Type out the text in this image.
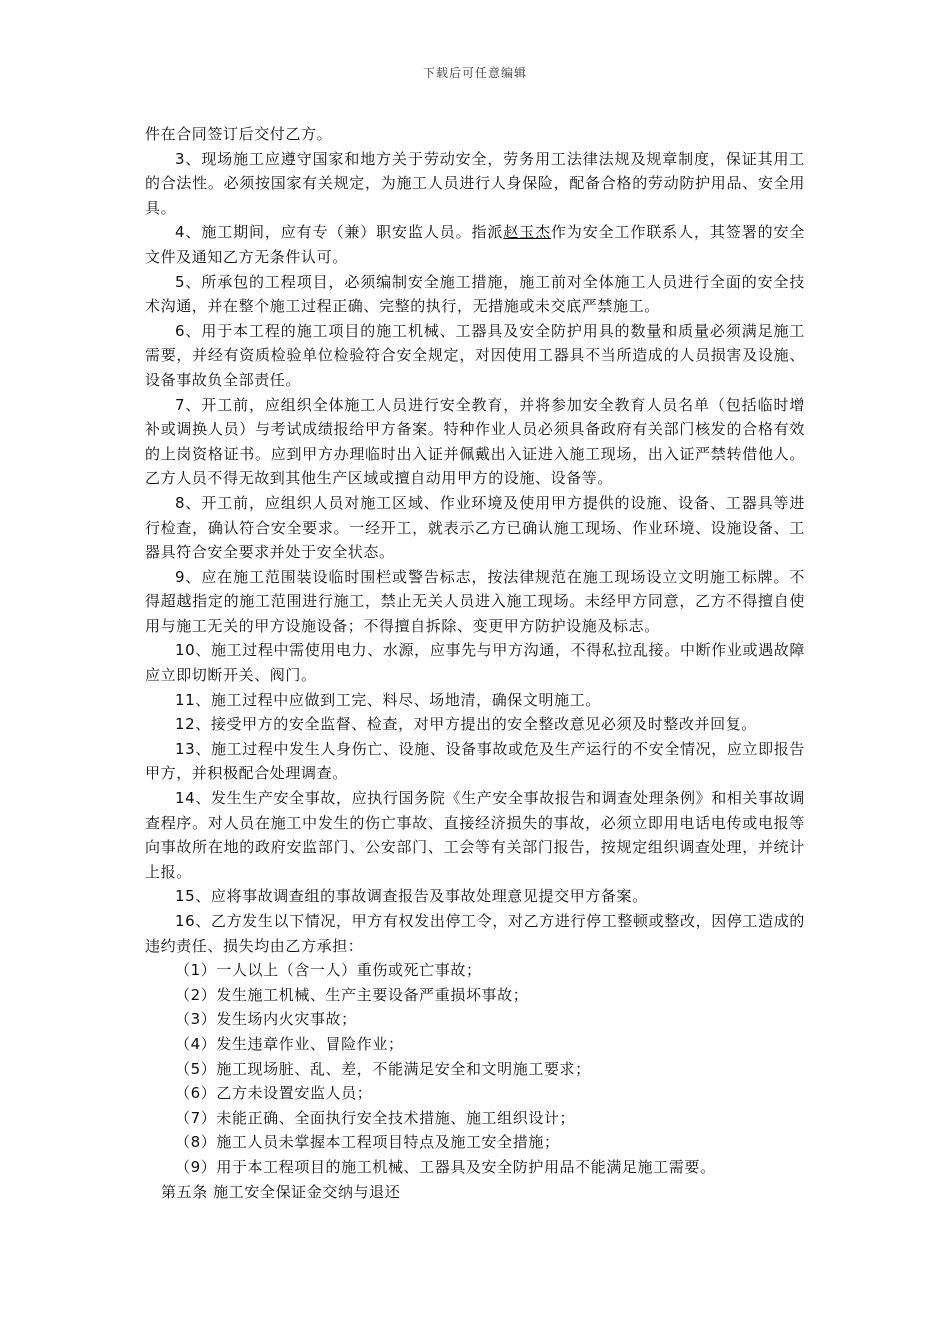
下载后可任意编辑

件在合同签订后交付乙方。

3、现场施工应遵守国家和地方关于劳动安全，劳务用工法律法规及规章制度，保证其用工的合法性。必须按国家有关规定，为施工人员进行人身保险，配备合格的劳动防护用品、安全用具。

4、施工期间，应有专（兼）职安监人员。指派赵玉杰作为安全工作联系人，其签署的安全文件及通知乙方无条件认可。

5、所承包的工程项目，必须编制安全施工措施，施工前对全体施工人员进行全面的安全技术沟通，并在整个施工过程正确、完整的执行，无措施或未交底严禁施工。

6、用于本工程的施工项目的施工机械、工器具及安全防护用具的数量和质量必须满足施工需要，并经有资质检验单位检验符合安全规定，对因使用工器具不当所造成的人员损害及设施、设备事故负全部责任。

7、开工前，应组织全体施工人员进行安全教育，并将参加安全教育人员名单（包括临时增补或调换人员）与考试成绩报给甲方备案。特种作业人员必须具备政府有关部门核发的合格有效的上岗资格证书。应到甲方办理临时出入证并佩戴出入证进入施工现场，出入证严禁转借他人。乙方人员不得无故到其他生产区域或擅自动用甲方的设施、设备等。

8、开工前，应组织人员对施工区域、作业环境及使用甲方提供的设施、设备、工器具等进行检查，确认符合安全要求。一经开工，就表示乙方已确认施工现场、作业环境、设施设备、工器具符合安全要求并处于安全状态。

9、应在施工范围装设临时围栏或警告标志，按法律规范在施工现场设立文明施工标牌。不得超越指定的施工范围进行施工，禁止无关人员进入施工现场。未经甲方同意，乙方不得擅自使用与施工无关的甲方设施设备；不得擅自拆除、变更甲方防护设施及标志。

10、施工过程中需使用电力、水源，应事先与甲方沟通，不得私拉乱接。中断作业或遇故障应立即切断开关、阀门。

11、施工过程中应做到工完、料尽、场地清，确保文明施工。

12、接受甲方的安全监督、检查，对甲方提出的安全整改意见必须及时整改并回复。

13、施工过程中发生人身伤亡、设施、设备事故或危及生产运行的不安全情况，应立即报告甲方，并积极配合处理调查。

14、发生生产安全事故，应执行国务院《生产安全事故报告和调查处理条例》和相关事故调查程序。对人员在施工中发生的伤亡事故、直接经济损失的事故，必须立即用电话电传或电报等向事故所在地的政府安监部门、公安部门、工会等有关部门报告，按规定组织调查处理，并统计上报。

15、应将事故调查组的事故调查报告及事故处理意见提交甲方备案。

16、乙方发生以下情况，甲方有权发出停工令，对乙方进行停工整顿或整改，因停工造成的违约责任、损失均由乙方承担：

（1）一人以上（含一人）重伤或死亡事故；

（2）发生施工机械、生产主要设备严重损坏事故；

（3）发生场内火灾事故；

（4）发生违章作业、冒险作业；

（5）施工现场脏、乱、差，不能满足安全和文明施工要求；

（6）乙方未设置安监人员；

（7）未能正确、全面执行安全技术措施、施工组织设计；

（8）施工人员未掌握本工程项目特点及施工安全措施；

（9）用于本工程项目的施工机械、工器具及安全防护用品不能满足施工需要。

第五条 施工安全保证金交纳与退还
